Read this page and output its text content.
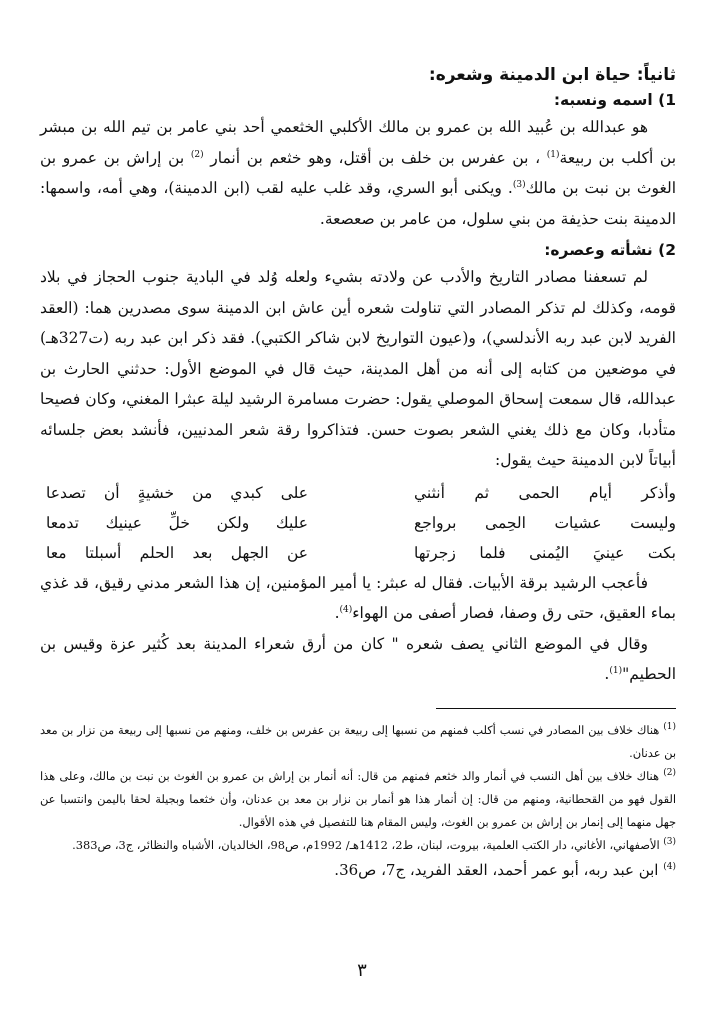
ثانياً: حياة ابن الدمينة وشعره:

1) اسمه ونسبه:

هو عبدالله بن عُبيد الله بن عمرو بن مالك الأكلبي الخثعمي أحد بني عامر بن تيم الله بن مبشر بن أكلب بن ربيعة$^{(1)}$ ، بن عفرس بن خلف بن أقتل، وهو خثعم بن أنمار $^{(2)}$ بن إراش بن عمرو بن الغوث بن نبت بن مالك$^{(3)}$. ويكنى أبو السري، وقد غلب عليه لقب (ابن الدمينة)، وهي أمه، واسمها: الدمينة بنت حذيفة من بني سلول، من عامر بن صعصعة.

2) نشأته وعصره:

لم تسعفنا مصادر التاريخ والأدب عن ولادته بشيء ولعله وُلد في البادية جنوب الحجاز في بلاد قومه، وكذلك لم تذكر المصادر التي تناولت شعره أين عاش ابن الدمينة سوى مصدرين هما: (العقد الفريد لابن عبد ربه الأندلسي)، و(عيون التواريخ لابن شاكر الكتبي). فقد ذكر ابن عبد ربه (ت327هـ) في موضعين من كتابه إلى أنه من أهل المدينة، حيث قال في الموضع الأول: حدثني الحارث بن عبدالله، قال سمعت إسحاق الموصلي يقول: حضرت مسامرة الرشيد ليلة عبثرا المغني، وكان فصيحا متأدبا، وكان مع ذلك يغني الشعر بصوت حسن. فتذاكروا رقة شعر المدنيين، فأنشد بعض جلسائه أبياتاً لابن الدمينة حيث يقول:

وأذكر أيام الحمى ثم أنثني
على كبدي من خشيةٍ أن تصدعا
وليست عشيات الحِمى برواجع
عليك ولكن خلِّ عينيك تدمعا
بكت عينيَ اليُمنى فلما زجرتها
عن الجهل بعد الحلم أسبلتا معا

فأعجب الرشيد برقة الأبيات. فقال له عبثر: يا أمير المؤمنين، إن هذا الشعر مدني رقيق، قد غذي بماء العقيق، حتى رق وصفا، فصار أصفى من الهواء$^{(4)}$.

وقال في الموضع الثاني يصف شعره " كان من أرق شعراء المدينة بعد كُثير عزة وقيس بن الحطيم"$^{(1)}$.

$^{(1)}$ هناك خلاف بين المصادر في نسب أكلب فمنهم من نسبها إلى ربيعة بن عفرس بن خلف، ومنهم من نسبها إلى ربيعة من نزار بن معد بن عدنان.

$^{(2)}$ هناك خلاف بين أهل النسب في أنمار والد خثعم فمنهم من قال: أنه أنمار بن إراش بن عمرو بن الغوث بن نبت بن مالك، وعلى هذا القول فهو من القحطانية، ومنهم من قال: إن أنمار هذا هو أنمار بن نزار بن معد بن عدنان، وأن خثعما وبجيلة لحقا باليمن وانتسبا عن جهل منهما إلى إنمار بن إراش بن عمرو بن الغوث، وليس المقام هنا للتفصيل في هذه الأقوال.

$^{(3)}$ الأصفهاني، الأغاني، دار الكتب العلمية، بيروت، لبنان، ط2، 1412هـ/ 1992م، ص98، الخالديان، الأشباه والنظائر، ج3، ص383.

$^{(4)}$ ابن عبد ربه، أبو عمر أحمد، العقد الفريد، ج7، ص36.

٣
